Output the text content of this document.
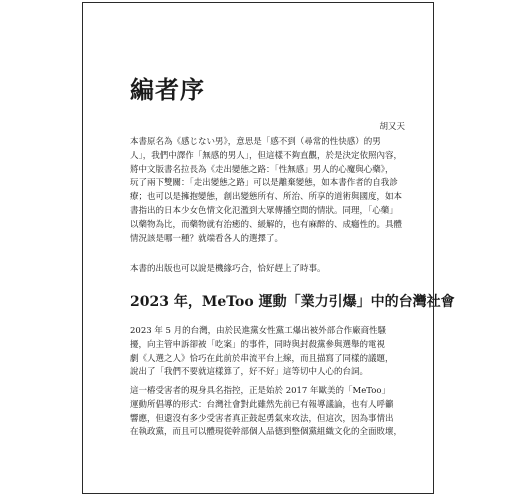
編者序
胡又天

本書原名為《感じない男》，意思是「感不到（尋常的性快感）的男
人」，我們中譯作「無感的男人」，但這樣不夠直觀，於是決定依照內容，
將中文版書名拉長為《走出變態之路：「性無感」男人的心魔與心藥》，
玩了兩下雙關：「走出變態之路」可以是離棄變態，如本書作者的自我診
療；也可以是擁抱變態，創出變態所有、所治、所享的道術與國度，如本
書指出的日本少女色情文化氾濫到大眾傳播空間的情狀。同理，「心藥」
以藥物為比，而藥物就有治癒的、緩解的，也有麻醉的、成癮性的。具體
情況該是哪一種？就端看各人的選擇了。

本書的出版也可以說是機緣巧合，恰好趕上了時事。

2023 年，MeToo 運動「業力引爆」中的台灣社會

2023 年 5 月的台灣，由於民進黨女性黨工爆出被外部合作廠商性騷
擾，向主管申訴卻被「吃案」的事件，同時與封殺黨參與選舉的電視
劇《人選之人》恰巧在此前於串流平台上線，而且描寫了同樣的議題，
說出了「我們不要就這樣算了，好不好」這等切中人心的台詞。

這一樁受害者的現身具名指控，正是始於 2017 年歐美的「MeToo」
運動所倡導的形式：台灣社會對此雖然先前已有報導議論，也有人呼籲
響應，但還沒有多少受害者真正鼓起勇氣來攻法，但這次，因為事情出
在執政黨，而且可以體現從幹部個人品德到整個黨組織文化的全面敗壞，
